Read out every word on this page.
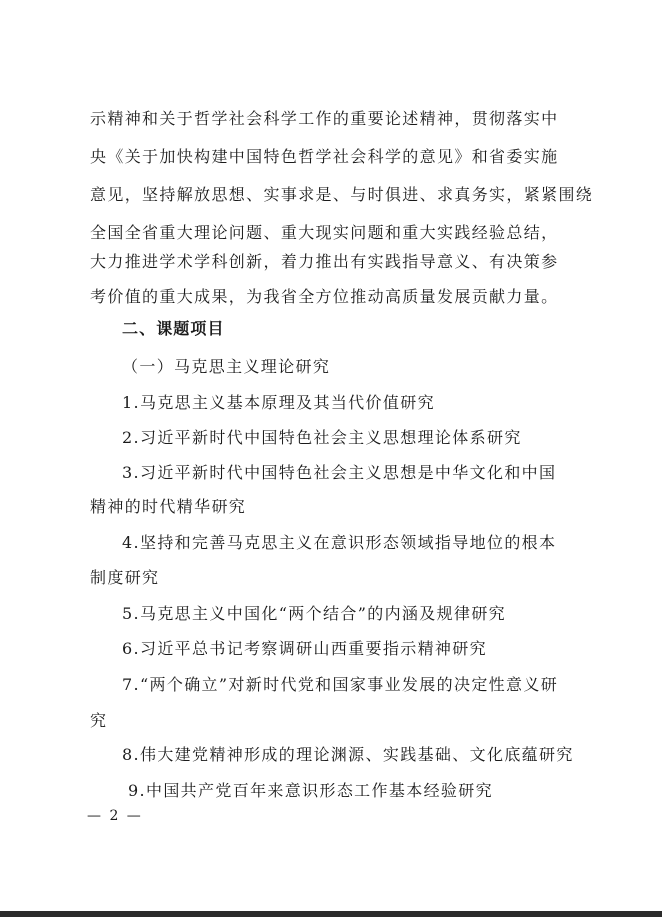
示精神和关于哲学社会科学工作的重要论述精神，贯彻落实中
央《关于加快构建中国特色哲学社会科学的意见》和省委实施
意见，坚持解放思想、实事求是、与时俱进、求真务实，紧紧围绕
全国全省重大理论问题、重大现实问题和重大实践经验总结，
大力推进学术学科创新，着力推出有实践指导意义、有决策参
考价值的重大成果，为我省全方位推动高质量发展贡献力量。
二、课题项目
（一）马克思主义理论研究
1.马克思主义基本原理及其当代价值研究
2.习近平新时代中国特色社会主义思想理论体系研究
3.习近平新时代中国特色社会主义思想是中华文化和中国
精神的时代精华研究
4.坚持和完善马克思主义在意识形态领域指导地位的根本
制度研究
5.马克思主义中国化“两个结合”的内涵及规律研究
6.习近平总书记考察调研山西重要指示精神研究
7.“两个确立”对新时代党和国家事业发展的决定性意义研
究
8.伟大建党精神形成的理论渊源、实践基础、文化底蕴研究
9.中国共产党百年来意识形态工作基本经验研究
— 2 —
